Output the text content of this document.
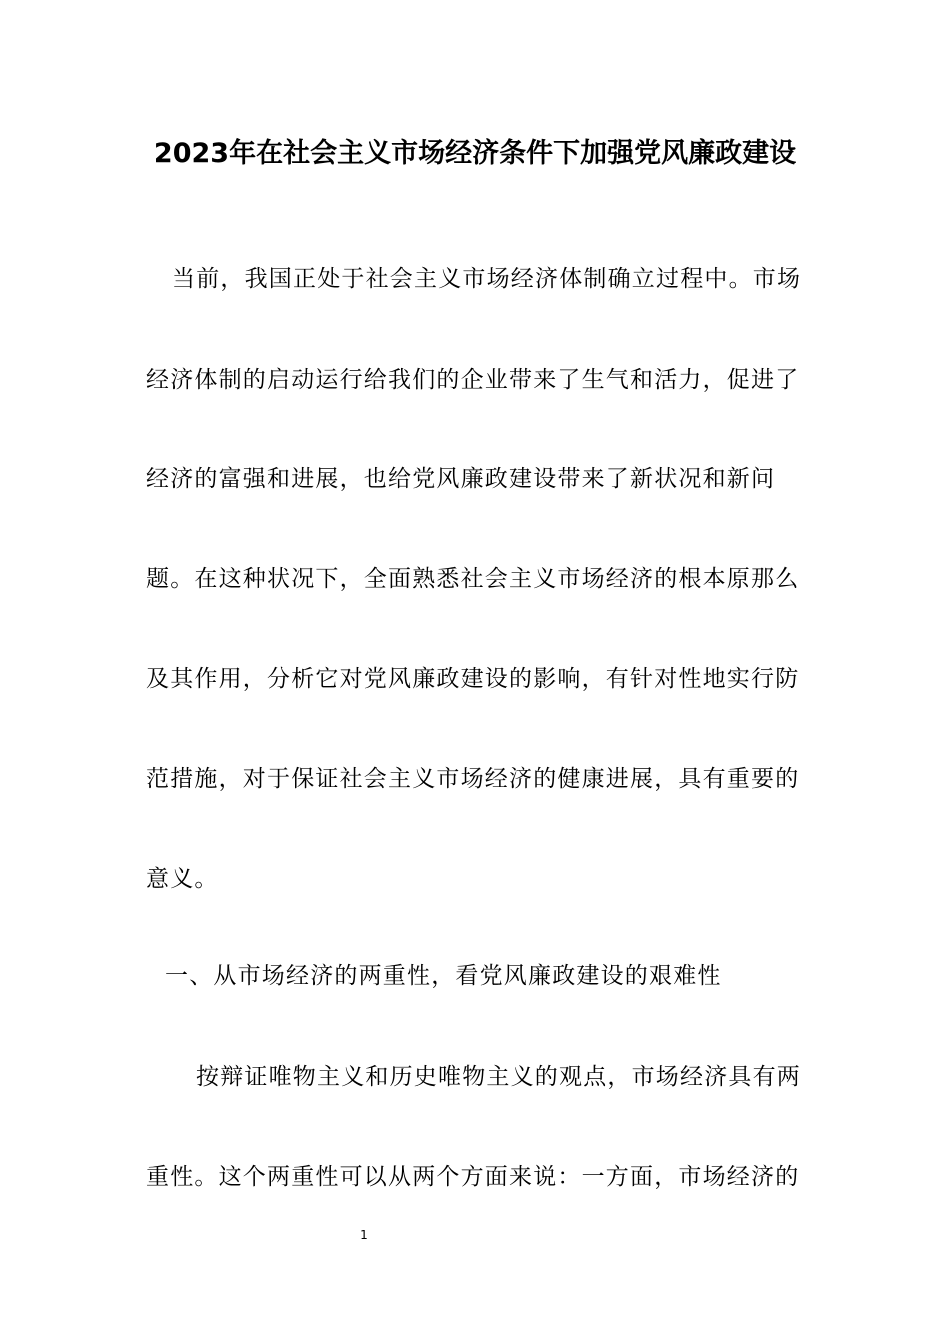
2023年在社会主义市场经济条件下加强党风廉政建设

当前，我国正处于社会主义市场经济体制确立过程中。市场

经济体制的启动运行给我们的企业带来了生气和活力，促进了

经济的富强和进展，也给党风廉政建设带来了新状况和新问

题。在这种状况下，全面熟悉社会主义市场经济的根本原那么

及其作用，分析它对党风廉政建设的影响，有针对性地实行防

范措施，对于保证社会主义市场经济的健康进展，具有重要的

意义。

一、从市场经济的两重性，看党风廉政建设的艰难性

按辩证唯物主义和历史唯物主义的观点，市场经济具有两

重性。这个两重性可以从两个方面来说：一方面，市场经济的

1
